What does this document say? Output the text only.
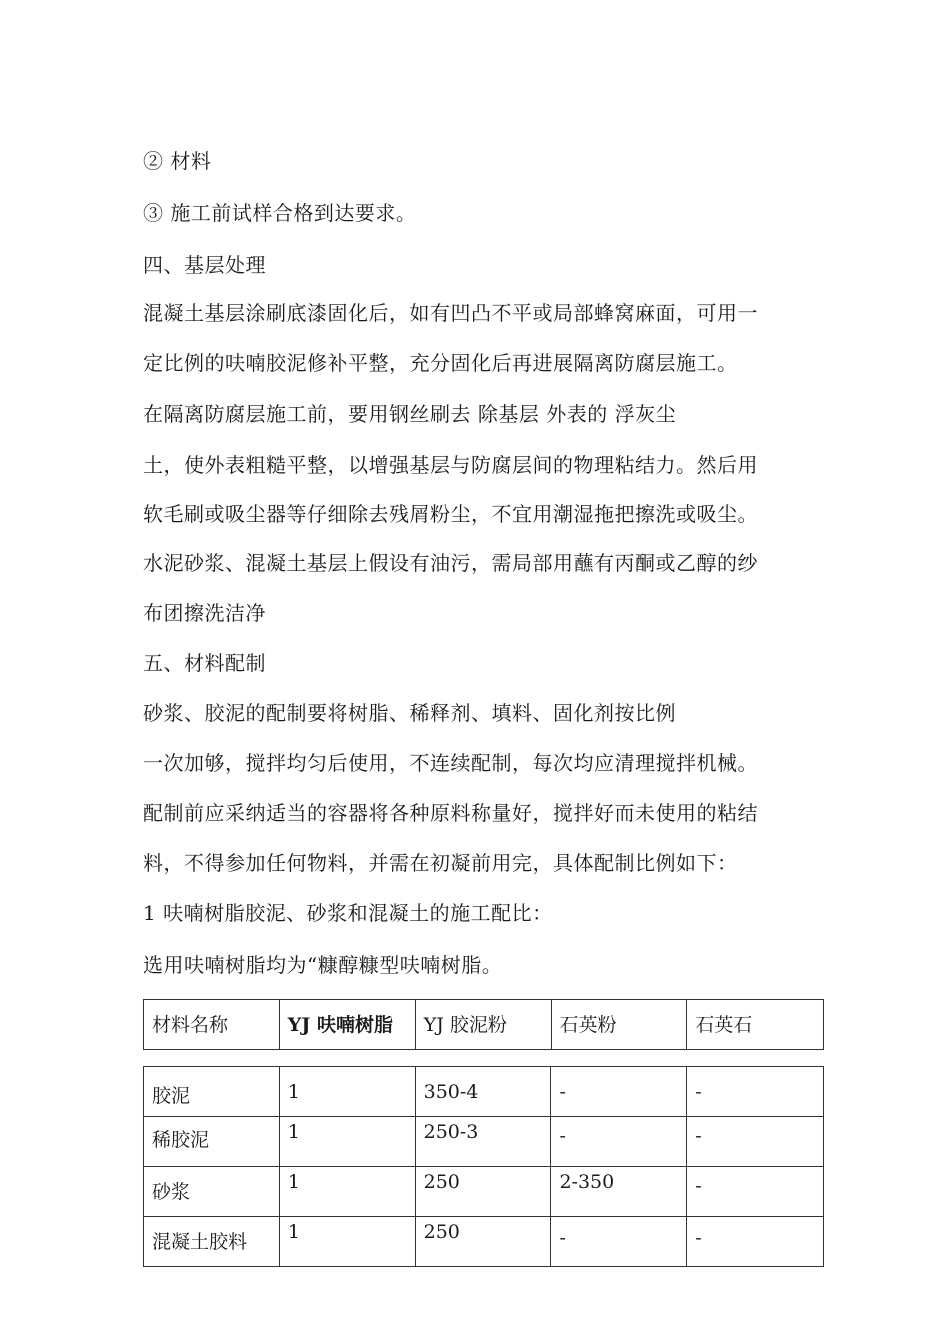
② 材料
③ 施工前试样合格到达要求。
四、基层处理
混凝土基层涂刷底漆固化后，如有凹凸不平或局部蜂窝麻面，可用一
定比例的呋喃胶泥修补平整，充分固化后再进展隔离防腐层施工。
在隔离防腐层施工前，要用钢丝刷去 除基层 外表的 浮灰尘
土，使外表粗糙平整，以增强基层与防腐层间的物理粘结力。然后用
软毛刷或吸尘器等仔细除去残屑粉尘，不宜用潮湿拖把擦洗或吸尘。
水泥砂浆、混凝土基层上假设有油污，需局部用蘸有丙酮或乙醇的纱
布团擦洗洁净
五、材料配制
砂浆、胶泥的配制要将树脂、稀释剂、填料、固化剂按比例
一次加够，搅拌均匀后使用，不连续配制，每次均应清理搅拌机械。
配制前应采纳适当的容器将各种原料称量好，搅拌好而未使用的粘结
料，不得参加任何物料，并需在初凝前用完，具体配制比例如下：
1 呋喃树脂胶泥、砂浆和混凝土的施工配比：
选用呋喃树脂均为“糠醇糠型呋喃树脂。
材料名称	YJ 呋喃树脂	YJ 胶泥粉	石英粉	石英石
胶泥	1	350-4	-	-
稀胶泥	1	250-3	-	-
砂浆	1	250	2-350	-
混凝土胶料	1	250	-	-
